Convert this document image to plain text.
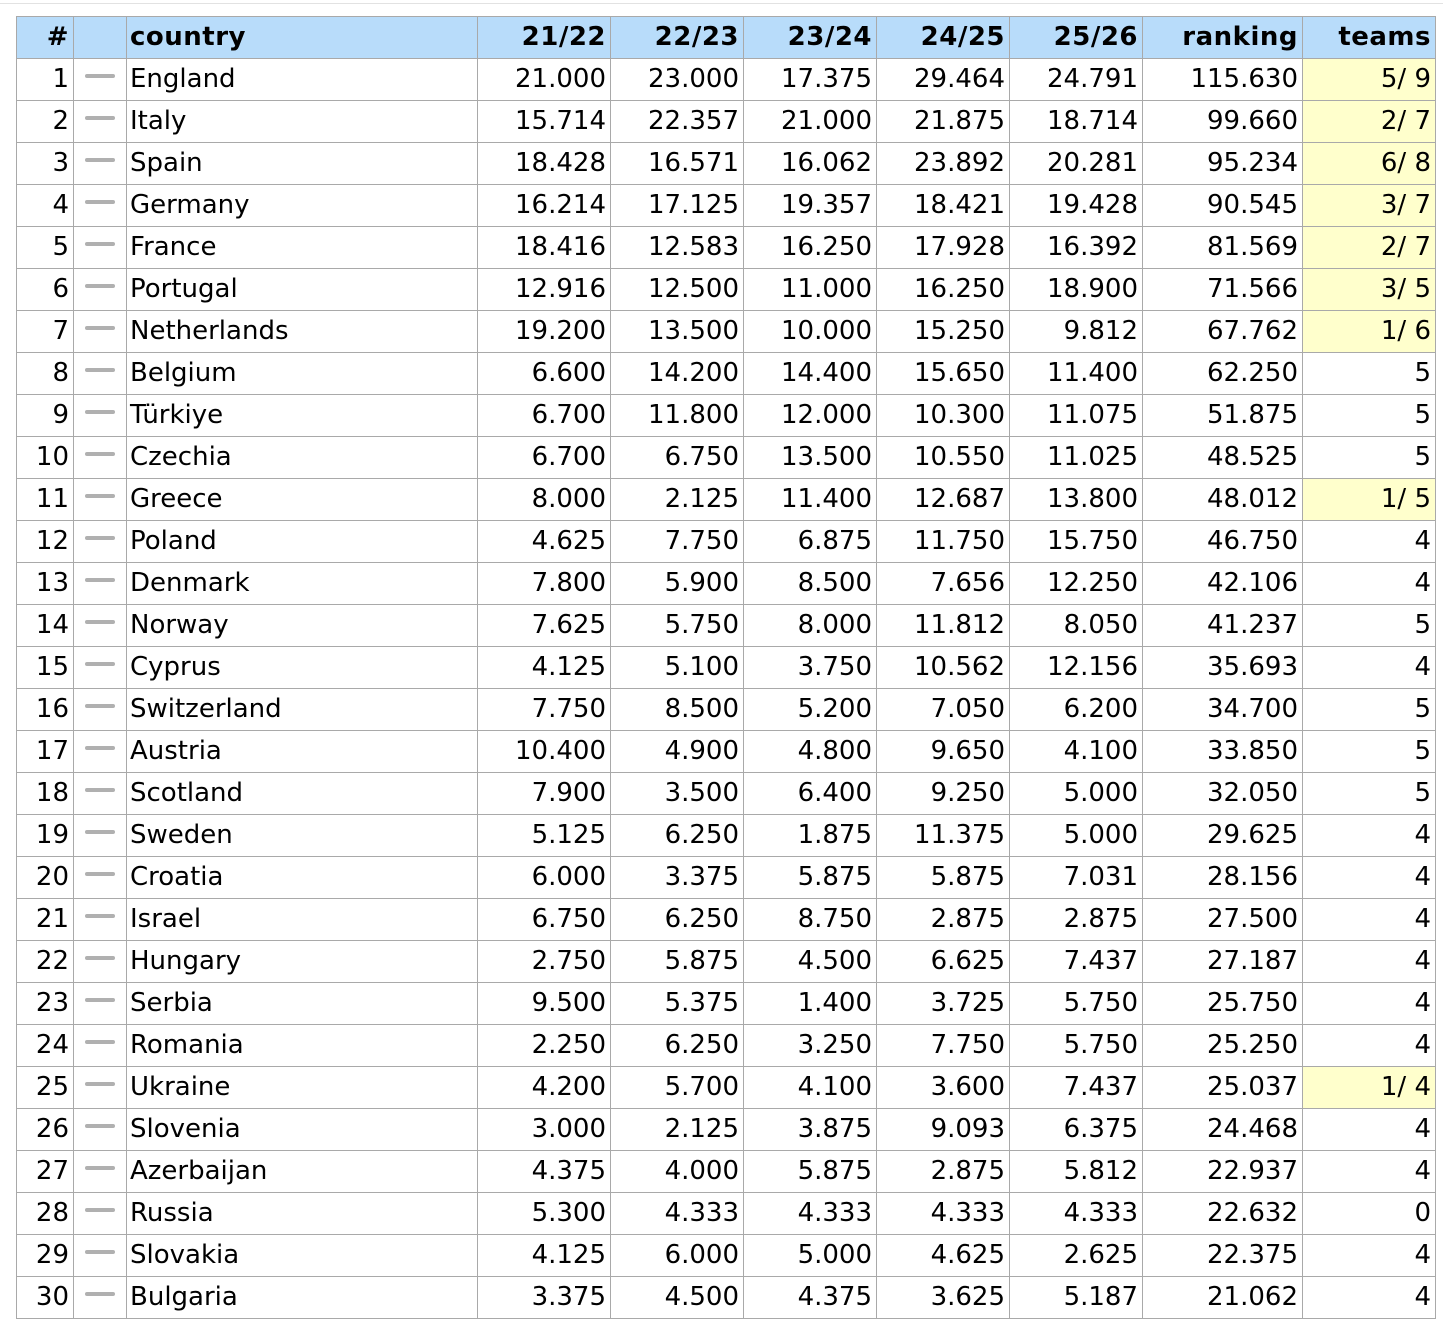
#		country	21/22	22/23	23/24	24/25	25/26	ranking	teams
1		England	21.000	23.000	17.375	29.464	24.791	115.630	5/ 9
2		Italy	15.714	22.357	21.000	21.875	18.714	99.660	2/ 7
3		Spain	18.428	16.571	16.062	23.892	20.281	95.234	6/ 8
4		Germany	16.214	17.125	19.357	18.421	19.428	90.545	3/ 7
5		France	18.416	12.583	16.250	17.928	16.392	81.569	2/ 7
6		Portugal	12.916	12.500	11.000	16.250	18.900	71.566	3/ 5
7		Netherlands	19.200	13.500	10.000	15.250	9.812	67.762	1/ 6
8		Belgium	6.600	14.200	14.400	15.650	11.400	62.250	5
9		Türkiye	6.700	11.800	12.000	10.300	11.075	51.875	5
10		Czechia	6.700	6.750	13.500	10.550	11.025	48.525	5
11		Greece	8.000	2.125	11.400	12.687	13.800	48.012	1/ 5
12		Poland	4.625	7.750	6.875	11.750	15.750	46.750	4
13		Denmark	7.800	5.900	8.500	7.656	12.250	42.106	4
14		Norway	7.625	5.750	8.000	11.812	8.050	41.237	5
15		Cyprus	4.125	5.100	3.750	10.562	12.156	35.693	4
16		Switzerland	7.750	8.500	5.200	7.050	6.200	34.700	5
17		Austria	10.400	4.900	4.800	9.650	4.100	33.850	5
18		Scotland	7.900	3.500	6.400	9.250	5.000	32.050	5
19		Sweden	5.125	6.250	1.875	11.375	5.000	29.625	4
20		Croatia	6.000	3.375	5.875	5.875	7.031	28.156	4
21		Israel	6.750	6.250	8.750	2.875	2.875	27.500	4
22		Hungary	2.750	5.875	4.500	6.625	7.437	27.187	4
23		Serbia	9.500	5.375	1.400	3.725	5.750	25.750	4
24		Romania	2.250	6.250	3.250	7.750	5.750	25.250	4
25		Ukraine	4.200	5.700	4.100	3.600	7.437	25.037	1/ 4
26		Slovenia	3.000	2.125	3.875	9.093	6.375	24.468	4
27		Azerbaijan	4.375	4.000	5.875	2.875	5.812	22.937	4
28		Russia	5.300	4.333	4.333	4.333	4.333	22.632	0
29		Slovakia	4.125	6.000	5.000	4.625	2.625	22.375	4
30		Bulgaria	3.375	4.500	4.375	3.625	5.187	21.062	4
